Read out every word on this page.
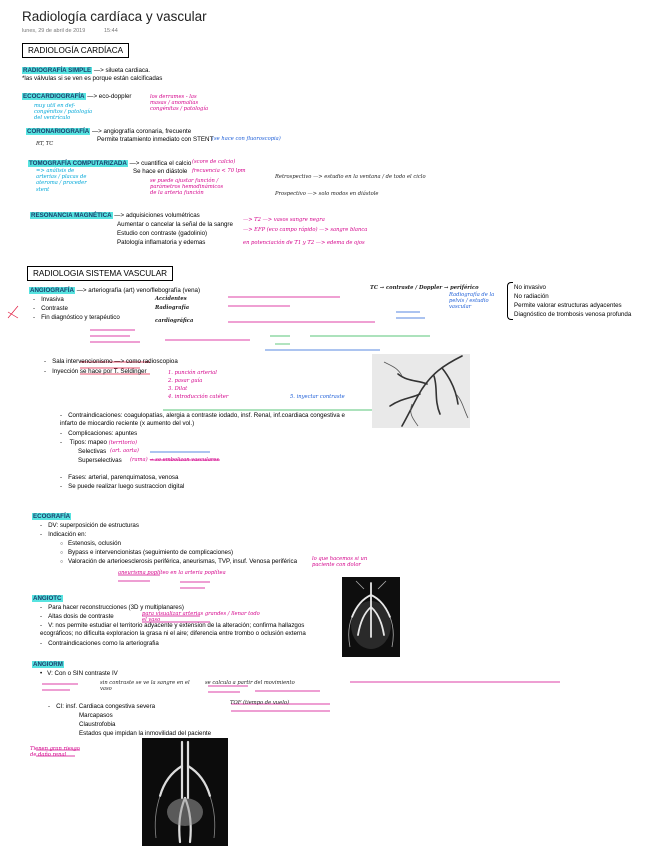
Radiología cardíaca y vascular
lunes, 29 de abril de 2019	15:44
RADIOLOGÍA CARDÍACA
RADIOGRAFÍA SIMPLE —> silueta cardiaca.
*las válvulas si se ven es porque están calcificadas
ECOCARDIOGRAFÍA —> eco-doppler
muy util en def-congénitos / patología del ventrículo
los derrames - las masas / anomalías congénitas / patología
CORONARIOGRAFÍA —> angiografía coronaria, frecuente
Permite tratamiento inmediato con STENT
(se hace con fluoroscopia)
RT, TC
TOMOGRAFÍA COMPUTARIZADA —> cuantifica el calcio (score de calcio)
Se hace en diástole frecuencia < 70 lpm
=> análisis de arterias / placas de ateroma / proceder stent
se puede ajustar función / parámetros hemodinámicos de la arteria función
Retrospectivo —> estudio en la ventana / de todo el ciclo
Prospectivo —> solo modos en diástole
RESONANCIA MAGNÉTICA —> adquisiciones volumétricas
Aumentar o cancelar la señal de la sangre
Estudio con contraste (gadolinio)
Patología inflamatoria y edemas
—> T2 —> vasos sangre negra
—> EFP (eco campo rápido) —> sangre blanca
en potenciación de T1 y T2 —> edema de ojos
RADIOLOGIA SISTEMA VASCULAR
ANGIOGRAFÍA —> arteriografía (art) veno/flebografía (vena)
- Invasiva
- Contraste
- Fin diagnóstico y terapéutico
Accidentes
Radiografía
cardiográfica
TC → contraste / Doppler → periférico
Radiografía de la pelvis / estudio vascular
No invasivo
No radiación
Permite valorar estructuras adyacentes
Diagnóstico de trombosis venosa profunda
- Sala intervencionismo —> como radioscopioa
- Inyección se hace por T. Seldinger	1. punción arterial
2. pasar guía
3. Dilat
4. introducción catéter	5. inyectar contraste
- Contraindicaciones: coagulopatías, alergia a contraste iodado, insf. Renal, inf.coardiaca congestiva e infarto de miocardio reciente (x aumento del vol.)
- Complicaciones: apuntes
- Tipos: mapeo (territorio)
Selectivas (art. aorta)
Superselectivas (rama) → se embolizan vasculares
- Fases: arterial, parenquimatosa, venosa
- Se puede realizar luego sustraccion digital
ECOGRAFÍA
- DV: superposición de estructuras
- Indicación en:
○ Estenosis, oclusión
○ Bypass e intervencionistas (seguimiento de complicaciones)
○ Valoración de arterioesclerosis periférica, aneurismas, TVP, insuf. Venosa periférica	lo que hacemos si un paciente con dolor
aneurisma poplíteo en la arteria poplítea
ANGIOTC
- Para hacer reconstrucciones (3D y multiplanares)
- Altas dosis de contraste	para visualizar arterias grandes / llenar todo el vaso
- V: nos permite estudiar el territorio adyacente y extension de la alteración; confirma hallazgos ecográficos; no dificulta exploracion la grasa ni el aire; diferencia entre trombo o oclusión externa
- Contraindicaciones como la arteriografia
ANGIORM
• V: Con o SIN contraste IV
sin contraste se ve la sangre en el vaso
se calcula a partir del movimiento
TOF (tiempo de vuelo)
Tienen gran riesgo de daño renal
- CI: insf. Cardiaca congestiva severa
Marcapasos
Claustrofobia
Estados que impidan la inmovilidad del paciente
